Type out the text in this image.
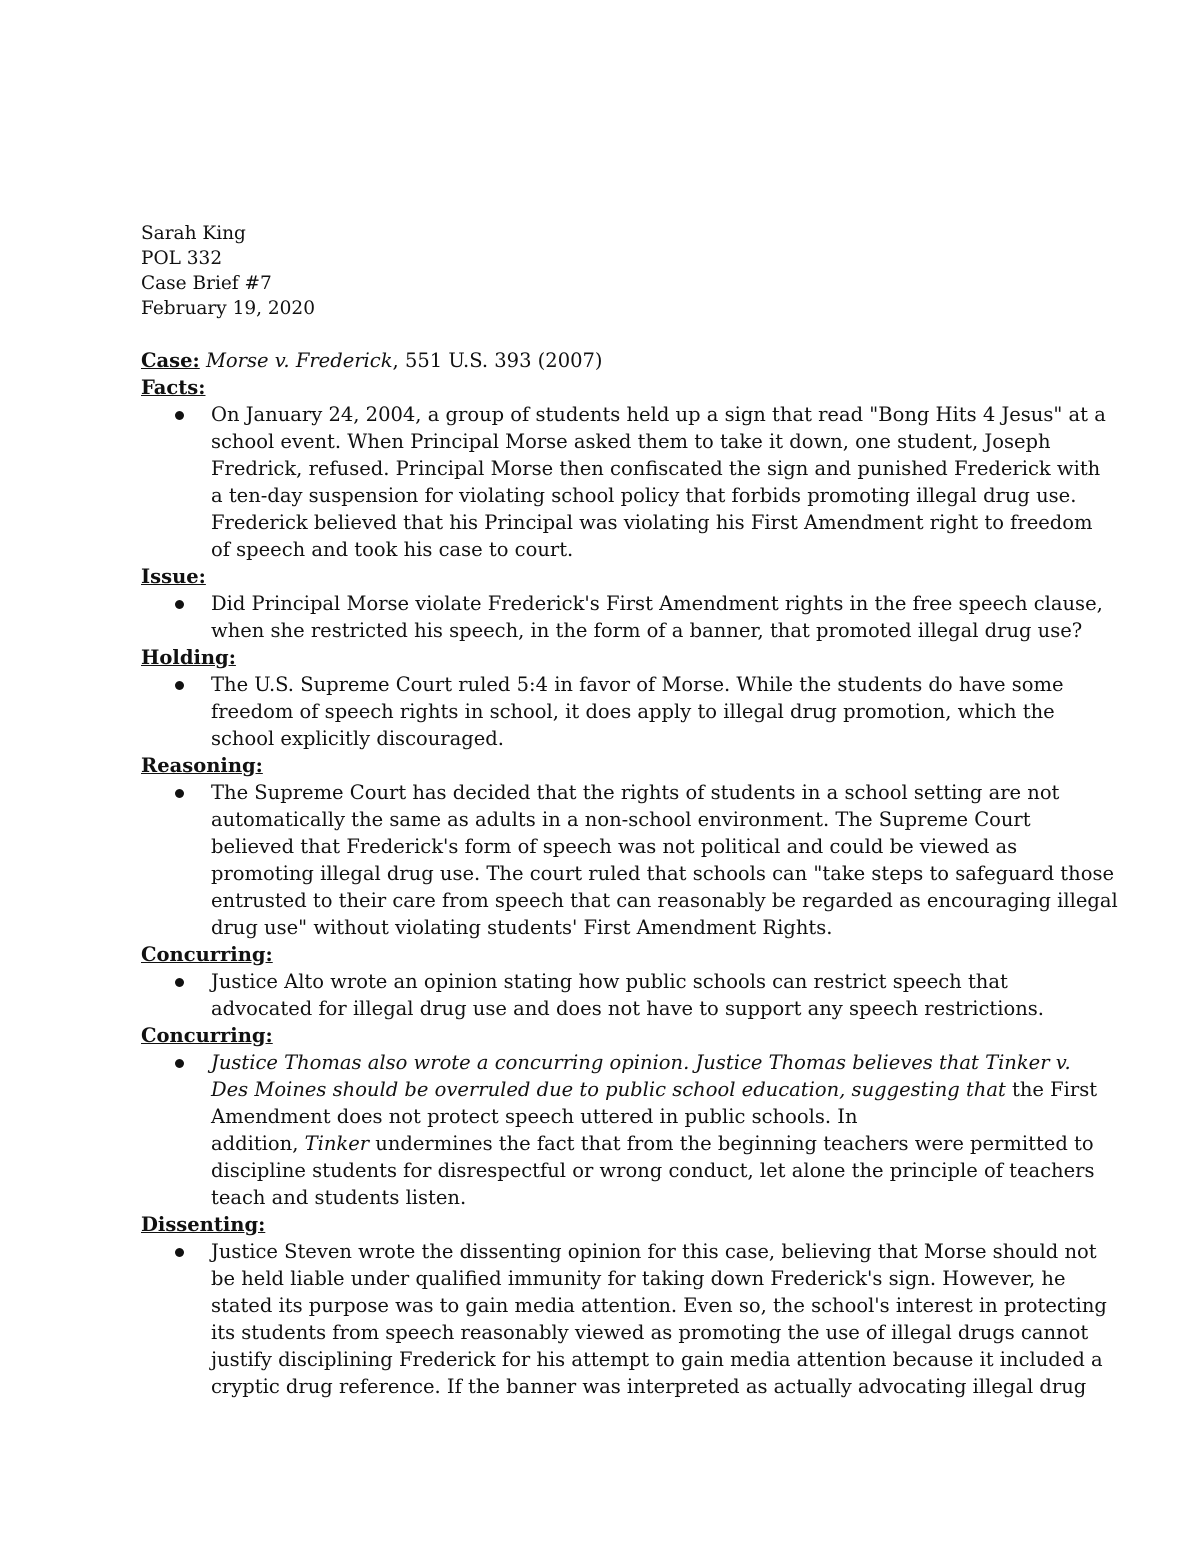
Sarah King
POL 332
Case Brief #7
February 19, 2020
Case: Morse v. Frederick, 551 U.S. 393 (2007)
Facts:
On January 24, 2004, a group of students held up a sign that read "Bong Hits 4 Jesus" at a
school event. When Principal Morse asked them to take it down, one student, Joseph
Fredrick, refused. Principal Morse then confiscated the sign and punished Frederick with
a ten-day suspension for violating school policy that forbids promoting illegal drug use.
Frederick believed that his Principal was violating his First Amendment right to freedom
of speech and took his case to court.
Issue:
Did Principal Morse violate Frederick's First Amendment rights in the free speech clause,
when she restricted his speech, in the form of a banner, that promoted illegal drug use?
Holding:
The U.S. Supreme Court ruled 5:4 in favor of Morse. While the students do have some
freedom of speech rights in school, it does apply to illegal drug promotion, which the
school explicitly discouraged.
Reasoning:
The Supreme Court has decided that the rights of students in a school setting are not
automatically the same as adults in a non-school environment. The Supreme Court
believed that Frederick's form of speech was not political and could be viewed as
promoting illegal drug use. The court ruled that schools can "take steps to safeguard those
entrusted to their care from speech that can reasonably be regarded as encouraging illegal
drug use" without violating students' First Amendment Rights.
Concurring:
Justice Alto wrote an opinion stating how public schools can restrict speech that
advocated for illegal drug use and does not have to support any speech restrictions.
Concurring:
Justice Thomas also wrote a concurring opinion. Justice Thomas believes that Tinker v.
Des Moines should be overruled due to public school education, suggesting that the First
Amendment does not protect speech uttered in public schools. In
addition, Tinker undermines the fact that from the beginning teachers were permitted to
discipline students for disrespectful or wrong conduct, let alone the principle of teachers
teach and students listen.
Dissenting:
Justice Steven wrote the dissenting opinion for this case, believing that Morse should not
be held liable under qualified immunity for taking down Frederick's sign. However, he
stated its purpose was to gain media attention. Even so, the school's interest in protecting
its students from speech reasonably viewed as promoting the use of illegal drugs cannot
justify disciplining Frederick for his attempt to gain media attention because it included a
cryptic drug reference. If the banner was interpreted as actually advocating illegal drug
